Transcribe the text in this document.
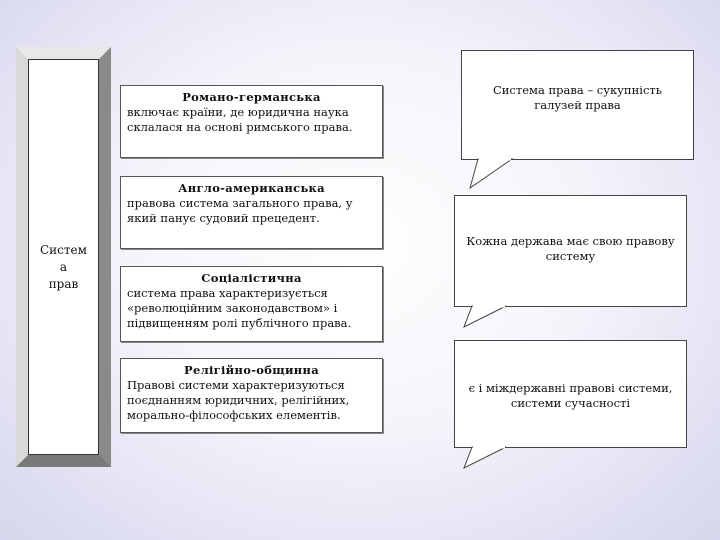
Систем
а
прав
Романо-германська
включає країни, де юридична наука склалася на основі римського права.
Англо-американська
правова система загального права, у який панує судовий прецедент.
Соціалістична
система права характеризується «революційним законодавством» і підвищенням ролі публічного права.
Релігійно-общинна
Правові системи характеризуються поєднанням юридичних, релігійних, морально-філософських елементів.
Система права – сукупність галузей права
Кожна держава має свою правову систему
є і міждержавні правові системи, системи сучасності
